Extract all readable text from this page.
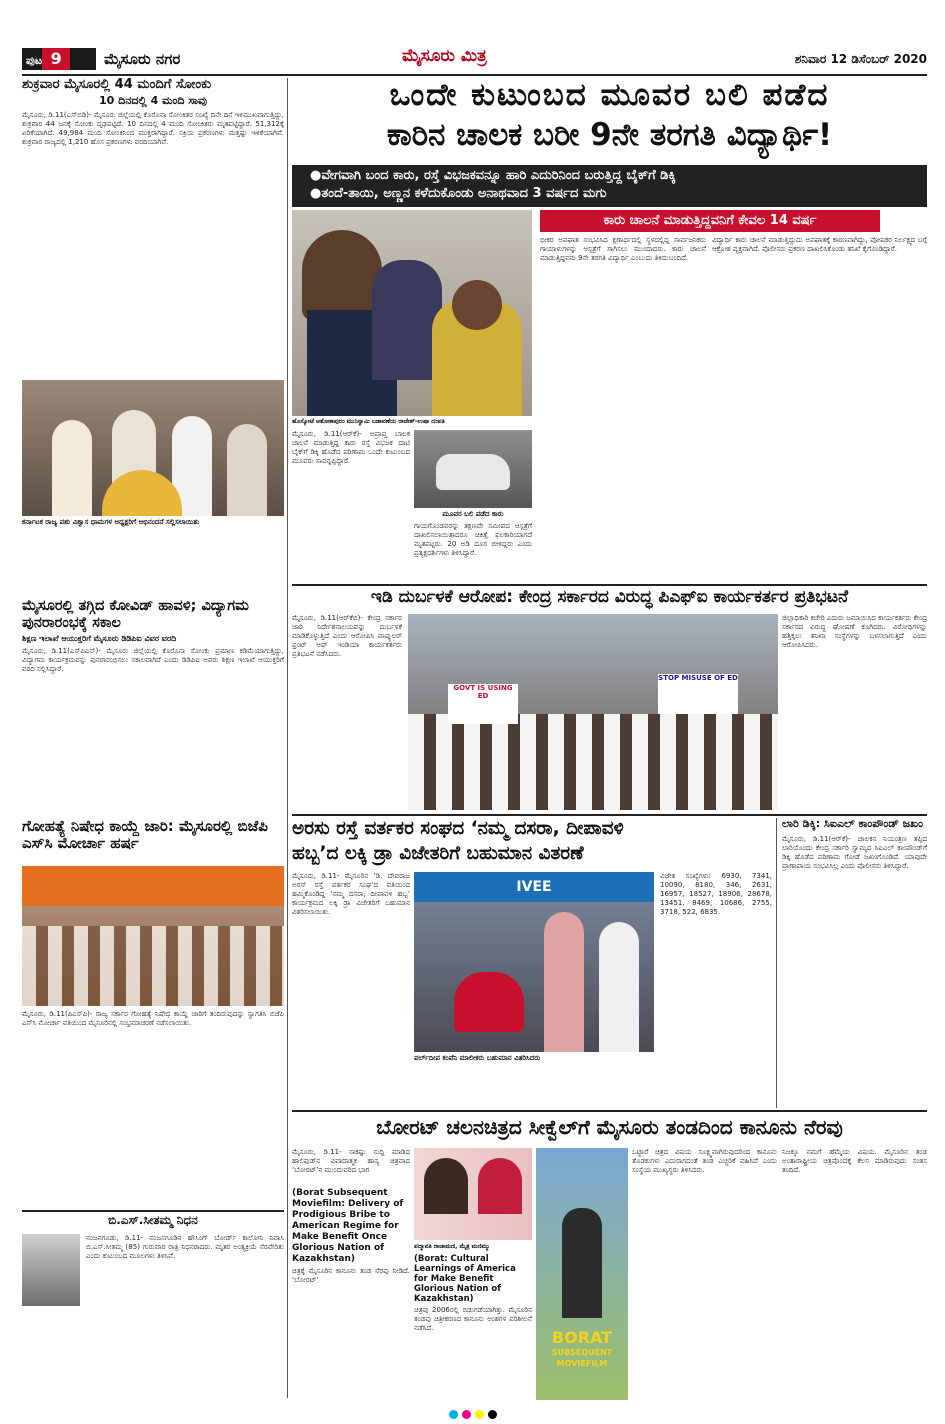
ಪುಟ 9	ಮೈಸೂರು ನಗರ	ಮೈಸೂರು ಮಿತ್ರ	ಶನಿವಾರ 12 ಡಿಸೆಂಬರ್ 2020
ಶುಕ್ರವಾರ ಮೈಸೂರಲ್ಲಿ 44 ಮಂದಿಗೆ ಸೋಂಕು
10 ದಿನದಲ್ಲಿ 4 ಮಂದಿ ಸಾವು
ಮೈಸೂರು, ಡಿ.11(ಎಸ್‌ಬಿಡಿ)- ಮೈಸೂರು ಜಿಲ್ಲೆಯಲ್ಲಿ ಕೊರೊನಾ ಸೋಂಕಿತರ ಸಂಖ್ಯೆ ದಿನೇ ದಿನೆ ಇಳಿಮುಖವಾಗುತ್ತಿದ್ದು, ಶುಕ್ರವಾರ 44 ಜನಕ್ಕೆ ಸೋಂಕು ದೃಢಪಟ್ಟಿದೆ. 10 ದಿನದಲ್ಲಿ 4 ಮಂದಿ ಸೋಂಕಿತರು ಮೃತಪಟ್ಟಿದ್ದಾರೆ. 51,312ಕ್ಕೆ ಏರಿಕೆಯಾಗಿದೆ. 49,984 ಮಂದಿ ಸೋಂಕಿನಿಂದ ಮುಕ್ತರಾಗಿದ್ದಾರೆ. ಸಕ್ರಿಯ ಪ್ರಕರಣಗಳು ಮತ್ತಷ್ಟು ಇಳಿಕೆಯಾಗಿವೆ. ಶುಕ್ರವಾರ ರಾಜ್ಯದಲ್ಲಿ 1,210 ಹೊಸ ಪ್ರಕರಣಗಳು ವರದಿಯಾಗಿವೆ.
ಕರ್ನಾಟಕ ರಾಜ್ಯ ಪಶು ವಿಶ್ವಾಸ ಧಾಮಗಳ ಅಧ್ಯಕ್ಷರಿಗೆ ಅಭಿನಂದನೆ ಸಲ್ಲಿಸಲಾಯಿತು
ಮೈಸೂರಲ್ಲಿ ತಗ್ಗಿದ ಕೋವಿಡ್ ಹಾವಳಿ; ವಿದ್ಯಾಗಮ ಪುನರಾರಂಭಕ್ಕೆ ಸಕಾಲ
ಶಿಕ್ಷಣ ಇಲಾಖೆ ಆಯುಕ್ತರಿಗೆ ಮೈಸೂರು ಡಿಡಿಪಿಐ ವಿವರ ವರದಿ
ಮೈಸೂರು, ಡಿ.11(ಎಸ್‌ಪಿಎನ್)- ಮೈಸೂರು ಜಿಲ್ಲೆಯಲ್ಲಿ ಕೊರೊನಾ ಸೋಂಕು ಪ್ರಮಾಣ ಕಡಿಮೆಯಾಗುತ್ತಿದ್ದು, ವಿದ್ಯಾಗಮ ಕಾರ್ಯಕ್ರಮವನ್ನು ಪುನರಾರಂಭಿಸಲು ಸಕಾಲವಾಗಿದೆ ಎಂದು ಡಿಡಿಪಿಐ ಅವರು ಶಿಕ್ಷಣ ಇಲಾಖೆ ಆಯುಕ್ತರಿಗೆ ವರದಿ ಸಲ್ಲಿಸಿದ್ದಾರೆ.
ಗೋಹತ್ಯೆ ನಿಷೇಧ ಕಾಯ್ದೆ ಜಾರಿ: ಮೈಸೂರಲ್ಲಿ ಬಿಜೆಪಿ ಎಸ್‌ಸಿ ಮೋರ್ಚಾ ಹರ್ಷ
ಮೈಸೂರು, ಡಿ.11(ಪಿಎಸ್‌ಪಿ)- ರಾಜ್ಯ ಸರ್ಕಾರ ಗೋಹತ್ಯೆ ನಿಷೇಧ ಕಾಯ್ದೆ ಜಾರಿಗೆ ತಂದಿರುವುದನ್ನು ಸ್ವಾಗತಿಸಿ ಬಿಜೆಪಿ ಎಸ್‌ಸಿ ಮೋರ್ಚಾ ವತಿಯಿಂದ ಮೈಸೂರಿನಲ್ಲಿ ಸಂಭ್ರಮಾಚರಣೆ ನಡೆಸಲಾಯಿತು.
ಬಿ.ಎಸ್.ಸೀತಮ್ಮ ನಿಧನ
ನಂಜನಗೂಡು, ಡಿ.11- ನಂಜನಗೂಡಿನ ಹೌಸಿಂಗ್ ಬೋರ್ಡ್ ಕಾಲೋನಿ ನಿವಾಸಿ ಬಿ.ಎಸ್.ಸೀತಮ್ಮ (85) ಗುರುವಾರ ರಾತ್ರಿ ನಿಧನರಾದರು. ಮೃತರ ಅಂತ್ಯಕ್ರಿಯೆ ನೆರವೇರಿತು ಎಂದು ಕುಟುಂಬದ ಮೂಲಗಳು ತಿಳಿಸಿವೆ.
ಒಂದೇ ಕುಟುಂಬದ ಮೂವರ ಬಲಿ ಪಡೆದ
ಕಾರಿನ ಚಾಲಕ ಬರೀ 9ನೇ ತರಗತಿ ವಿದ್ಯಾರ್ಥಿ!
●ವೇಗವಾಗಿ ಬಂದ ಕಾರು, ರಸ್ತೆ ವಿಭಜಕವನ್ನೂ ಹಾರಿ ಎದುರಿನಿಂದ ಬರುತ್ತಿದ್ದ ಬೈಕ್‌ಗೆ ಡಿಕ್ಕಿ
●ತಂದೆ-ತಾಯಿ, ಅಣ್ಣನ ಕಳೆದುಕೊಂಡು ಅನಾಥವಾದ 3 ವರ್ಷದ ಮಗು
ಕಾರು ಚಾಲನೆ ಮಾಡುತ್ತಿದ್ದವನಿಗೆ ಕೇವಲ 14 ವರ್ಷ
ಹೊಸ್ಕೋಟೆ ಆಶೋಕಾಪುರಂ ಮುನಿಸ್ವಾಮಿ ಬಡಾವಣೆಯ ರಾಜೇಶ್-ಉಷಾ ದಂಪತಿ
ಮೈಸೂರು, ಡಿ.11(ಆರ್‌ಕೆ)- ಅಪ್ರಾಪ್ತ ಬಾಲಕ ಚಾಲನೆ ಮಾಡುತ್ತಿದ್ದ ಕಾರು ರಸ್ತೆ ವಿಭಜಕ ದಾಟಿ ಬೈಕ್‌ಗೆ ಡಿಕ್ಕಿ ಹೊಡೆದ ಪರಿಣಾಮ ಒಂದೇ ಕುಟುಂಬದ ಮೂವರು ಸಾವನ್ನಪ್ಪಿದ್ದಾರೆ.
ಮೂವರ ಬಲಿ ಪಡೆದ ಕಾರು
ಗಾಯಗೊಂಡವರನ್ನು ತಕ್ಷಣವೇ ಸಮೀಪದ ಆಸ್ಪತ್ರೆಗೆ ದಾಖಲಿಸಲಾಯಿತಾದರೂ ಚಿಕಿತ್ಸೆ ಫಲಕಾರಿಯಾಗದೆ ಮೃತಪಟ್ಟರು. 20 ಅಡಿ ದೂರ ಬೀಳಿದ್ದರು ಎಂದು ಪ್ರತ್ಯಕ್ಷದರ್ಶಿಗಳು ತಿಳಿಸಿದ್ದಾರೆ.
ಭೀಕರ ಅಪಘಾತ ಸಂಭವಿಸಿದ ಕ್ಷಣಾರ್ಧದಲ್ಲಿ ಸ್ಥಳದಲ್ಲಿದ್ದ ಸಾರ್ವಜನಿಕರು ಗಾಯಾಳುಗಳನ್ನು ಆಸ್ಪತ್ರೆಗೆ ಸಾಗಿಸಲು ಮುಂದಾದರು. ಕಾರು ಚಾಲನೆ ಮಾಡುತ್ತಿದ್ದವನು 9ನೇ ತರಗತಿ ವಿದ್ಯಾರ್ಥಿ ಎಂಬುದು ತಿಳಿದುಬಂದಿದೆ.
ವಿದ್ಯಾರ್ಥಿ ಕಾರು ಚಾಲನೆ ಮಾಡುತ್ತಿದ್ದುದು ಅಪಘಾತಕ್ಕೆ ಕಾರಣವಾಗಿದ್ದು, ಪೋಷಕರ ನಿರ್ಲಕ್ಷ್ಯದ ಬಗ್ಗೆ ಆಕ್ರೋಶ ವ್ಯಕ್ತವಾಗಿದೆ. ಪೊಲೀಸರು ಪ್ರಕರಣ ದಾಖಲಿಸಿಕೊಂಡು ತನಿಖೆ ಕೈಗೊಂಡಿದ್ದಾರೆ.
ಇಡಿ ದುರ್ಬಳಕೆ ಆರೋಪ: ಕೇಂದ್ರ ಸರ್ಕಾರದ ವಿರುದ್ಧ ಪಿಎಫ್‌ಐ ಕಾರ್ಯಕರ್ತರ ಪ್ರತಿಭಟನೆ
ಮೈಸೂರು, ಡಿ.11(ಆರ್‌ಕೆಬಿ)- ಕೇಂದ್ರ ಸರ್ಕಾರ ಜಾರಿ ನಿರ್ದೇಶನಾಲಯವನ್ನು ದುರ್ಬಳಕೆ ಮಾಡಿಕೊಳ್ಳುತ್ತಿದೆ ಎಂದು ಆರೋಪಿಸಿ ಪಾಪ್ಯುಲರ್ ಫ್ರಂಟ್ ಆಫ್ ಇಂಡಿಯಾ ಕಾರ್ಯಕರ್ತರು ಪ್ರತಿಭಟನೆ ನಡೆಸಿದರು.
GOVT IS USING ED
STOP MISUSE OF ED
ಜಿಲ್ಲಾಧಿಕಾರಿ ಕಚೇರಿ ಎದುರು ಜಮಾಯಿಸಿದ ಕಾರ್ಯಕರ್ತರು ಕೇಂದ್ರ ಸರ್ಕಾರದ ವಿರುದ್ಧ ಘೋಷಣೆ ಕೂಗಿದರು. ವಿರೋಧಿಗಳನ್ನು ಹತ್ತಿಕ್ಕಲು ತನಿಖಾ ಸಂಸ್ಥೆಗಳನ್ನು ಬಳಸಲಾಗುತ್ತಿದೆ ಎಂದು ಆರೋಪಿಸಿದರು.
ಅರಸು ರಸ್ತೆ ವರ್ತಕರ ಸಂಘದ ‘ನಮ್ಮ ದಸರಾ, ದೀಪಾವಳಿ
ಹಬ್ಬ’ದ ಲಕ್ಕಿ ಡ್ರಾ ವಿಜೇತರಿಗೆ ಬಹುಮಾನ ವಿತರಣೆ
ಮೈಸೂರು, ಡಿ.11- ಮೈಸೂರಿನ ‘ಡಿ. ದೇವರಾಜ ಅರಸ್ ರಸ್ತೆ ವರ್ತಕರ ಸಂಘ’ದ ವತಿಯಿಂದ ಹಮ್ಮಿಕೊಂಡಿದ್ದ ‘ನಮ್ಮ ದಸರಾ, ದೀಪಾವಳಿ ಹಬ್ಬ’ ಕಾರ್ಯಕ್ರಮದ ಲಕ್ಕಿ ಡ್ರಾ ವಿಜೇತರಿಗೆ ಬಹುಮಾನ ವಿತರಿಸಲಾಯಿತು.
IVEE
ಪರ್ಲ್‌ದೀಪ ಕಂಪೆನಿ ಮಾಲೀಕರು ಬಹುಮಾನ ವಿತರಿಸಿದರು
ವಿಜೇತ ಸಂಖ್ಯೆಗಳು: 6930, 7341, 10090, 8180, 346, 2631, 16957, 18527, 18906, 28678, 13451, 8469, 10686, 2755, 3718, 522, 6835.
ಲಾರಿ ಡಿಕ್ಕಿ: ಸಿಐಎಲ್ ಕಾಂಪೌಂಡ್ ಜಖಂ
ಮೈಸೂರು, ಡಿ.11(ಆರ್‌ಕೆ)- ಚಾಲಕನ ನಿಯಂತ್ರಣ ತಪ್ಪಿದ ಲಾರಿಯೊಂದು ಕೇಂದ್ರ ಸರ್ಕಾರಿ ಸ್ವಾಮ್ಯದ ಸಿಐಎಲ್ ಕಾಂಪೌಂಡ್‌ಗೆ ಡಿಕ್ಕಿ ಹೊಡೆದ ಪರಿಣಾಮ ಗೋಡೆ ಜಖಂಗೊಂಡಿದೆ. ಯಾವುದೇ ಪ್ರಾಣಾಪಾಯ ಸಂಭವಿಸಿಲ್ಲ ಎಂದು ಪೊಲೀಸರು ತಿಳಿಸಿದ್ದಾರೆ.
ಬೋರಟ್ ಚಲನಚಿತ್ರದ ಸೀಕ್ವೆಲ್‌ಗೆ ಮೈಸೂರು ತಂಡದಿಂದ ಕಾನೂನು ನೆರವು
ಮೈಸೂರು, ಡಿ.11- ಸಾಕಷ್ಟು ಸುದ್ದಿ ಮಾಡಿದ ಹಾಲಿವುಡ್‌ನ ವಿವಾದಾತ್ಮಕ ಹಾಸ್ಯ ಚಿತ್ರವಾದ ‘ಬೋರಟ್’ನ ಮುಂದುವರಿದ ಭಾಗ
(Borat Subsequent Moviefilm: Delivery of Prodigious Bribe to American Regime for Make Benefit Once Glorious Nation of Kazakhstan)
ಚಿತ್ರಕ್ಕೆ ಮೈಸೂರಿನ ಕಾನೂನು ತಂಡ ನೆರವು ನೀಡಿದೆ. ‘ಬೋರಟ್’
ಪದ್ಮಾವತಿ ರಾಜಾಮಣಿ, ಮೈತ್ರ ಮಣಿಮ್ಮು
(Borat: Cultural Learnings of America for Make Benefit Glorious Nation of Kazakhstan)
ಚಿತ್ರವು 2006ರಲ್ಲಿ ಬಿಡುಗಡೆಯಾಗಿತ್ತು. ಮೈಸೂರಿನ ತಂಡವು ಚಿತ್ರೀಕರಣದ ಕಾನೂನು ಅಂಶಗಳ ಪರಿಶೀಲನೆ ನಡೆಸಿದೆ.	BORAT
SUBSEQUENT
MOVIEFILM
ಒಟ್ಟಾರೆ ಚಿತ್ರದ ವಿಷಯ ಸೂಕ್ಷ್ಮವಾಗಿರುವುದರಿಂದ ಕಾನೂನು ತೊಡಕುಗಳು ಎದುರಾಗದಂತೆ ತಂಡ ಎಚ್ಚರಿಕೆ ವಹಿಸಿದೆ ಎಂದು ಸಂಸ್ಥೆಯ ಮುಖ್ಯಸ್ಥರು ತಿಳಿಸಿದರು.
ನಿಜಕ್ಕೂ ನಮಗೆ ಹೆಮ್ಮೆಯ ವಿಷಯ. ಮೈಸೂರಿನ ತಂಡ ಅಂತಾರಾಷ್ಟ್ರೀಯ ಚಿತ್ರವೊಂದಕ್ಕೆ ಕೆಲಸ ಮಾಡಿರುವುದು ಸಂತಸ ತಂದಿದೆ.
